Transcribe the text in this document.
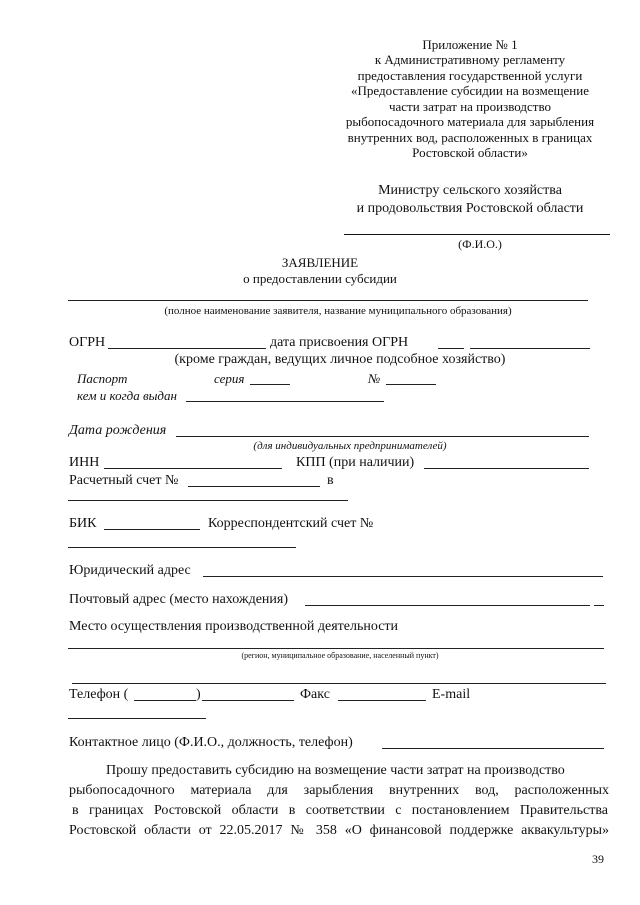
Приложение № 1
к Административному регламенту
предоставления государственной услуги
«Предоставление субсидии на возмещение
части затрат на производство
рыбопосадочного материала для зарыбления
внутренних вод, расположенных в границах
Ростовской области»
Министру сельского хозяйства
и продовольствия Ростовской области
(Ф.И.О.)
ЗАЯВЛЕНИЕ
о предоставлении субсидии
(полное наименование заявителя, название муниципального образования)
ОГРН	дата присвоения ОГРН
(кроме граждан, ведущих личное подсобное хозяйство)
Паспорт	серия	№
кем и когда выдан
Дата рождения
(для индивидуальных предпринимателей)
ИНН	КПП (при наличии)
Расчетный счет №	в
БИК	Корреспондентский счет №
Юридический адрес
Почтовый адрес (место нахождения)
Место осуществления производственной деятельности
(регион, муниципальное образование, населенный пункт)
Телефон (	)	Факс	E-mail
Контактное лицо (Ф.И.О., должность, телефон)
Прошу предоставить субсидию на возмещение части затрат на производство
рыбопосадочного материала для зарыбления внутренних вод, расположенных
в границах Ростовской области в соответствии с постановлением Правительства
Ростовской области от 22.05.2017 № 358 «О финансовой поддержке аквакультуры»
39
